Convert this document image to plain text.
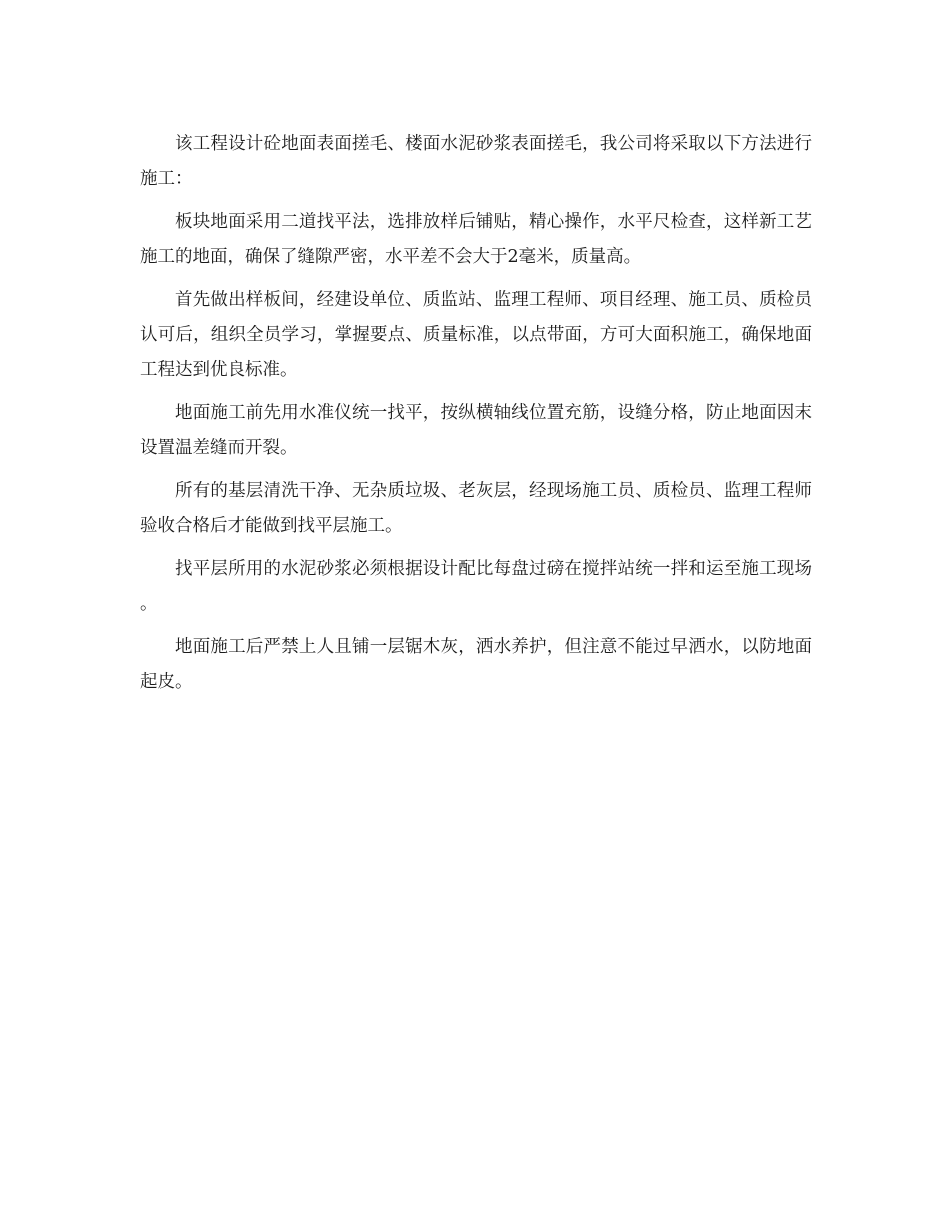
该工程设计砼地面表面搓毛、楼面水泥砂浆表面搓毛，我公司将采取以下方法进行施工：

板块地面采用二道找平法，选排放样后铺贴，精心操作，水平尺检查，这样新工艺施工的地面，确保了缝隙严密，水平差不会大于2毫米，质量高。

首先做出样板间，经建设单位、质监站、监理工程师、项目经理、施工员、质检员认可后，组织全员学习，掌握要点、质量标准，以点带面，方可大面积施工，确保地面工程达到优良标准。

地面施工前先用水准仪统一找平，按纵横轴线位置充筋，设缝分格，防止地面因末设置温差缝而开裂。

所有的基层清洗干净、无杂质垃圾、老灰层，经现场施工员、质检员、监理工程师验收合格后才能做到找平层施工。

找平层所用的水泥砂浆必须根据设计配比每盘过磅在搅拌站统一拌和运至施工现场。

地面施工后严禁上人且铺一层锯木灰，洒水养护，但注意不能过早洒水，以防地面起皮。
